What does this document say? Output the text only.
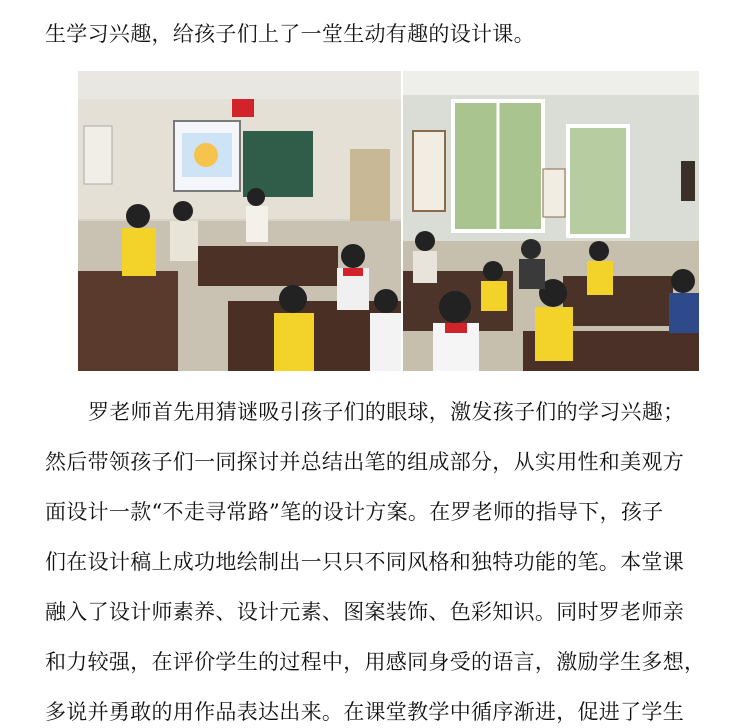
生学习兴趣，给孩子们上了一堂生动有趣的设计课。
罗老师首先用猜谜吸引孩子们的眼球，激发孩子们的学习兴趣；
然后带领孩子们一同探讨并总结出笔的组成部分，从实用性和美观方
面设计一款“不走寻常路”笔的设计方案。在罗老师的指导下，孩子
们在设计稿上成功地绘制出一只只不同风格和独特功能的笔。本堂课
融入了设计师素养、设计元素、图案装饰、色彩知识。同时罗老师亲
和力较强，在评价学生的过程中，用感同身受的语言，激励学生多想，
多说并勇敢的用作品表达出来。在课堂教学中循序渐进，促进了学生
